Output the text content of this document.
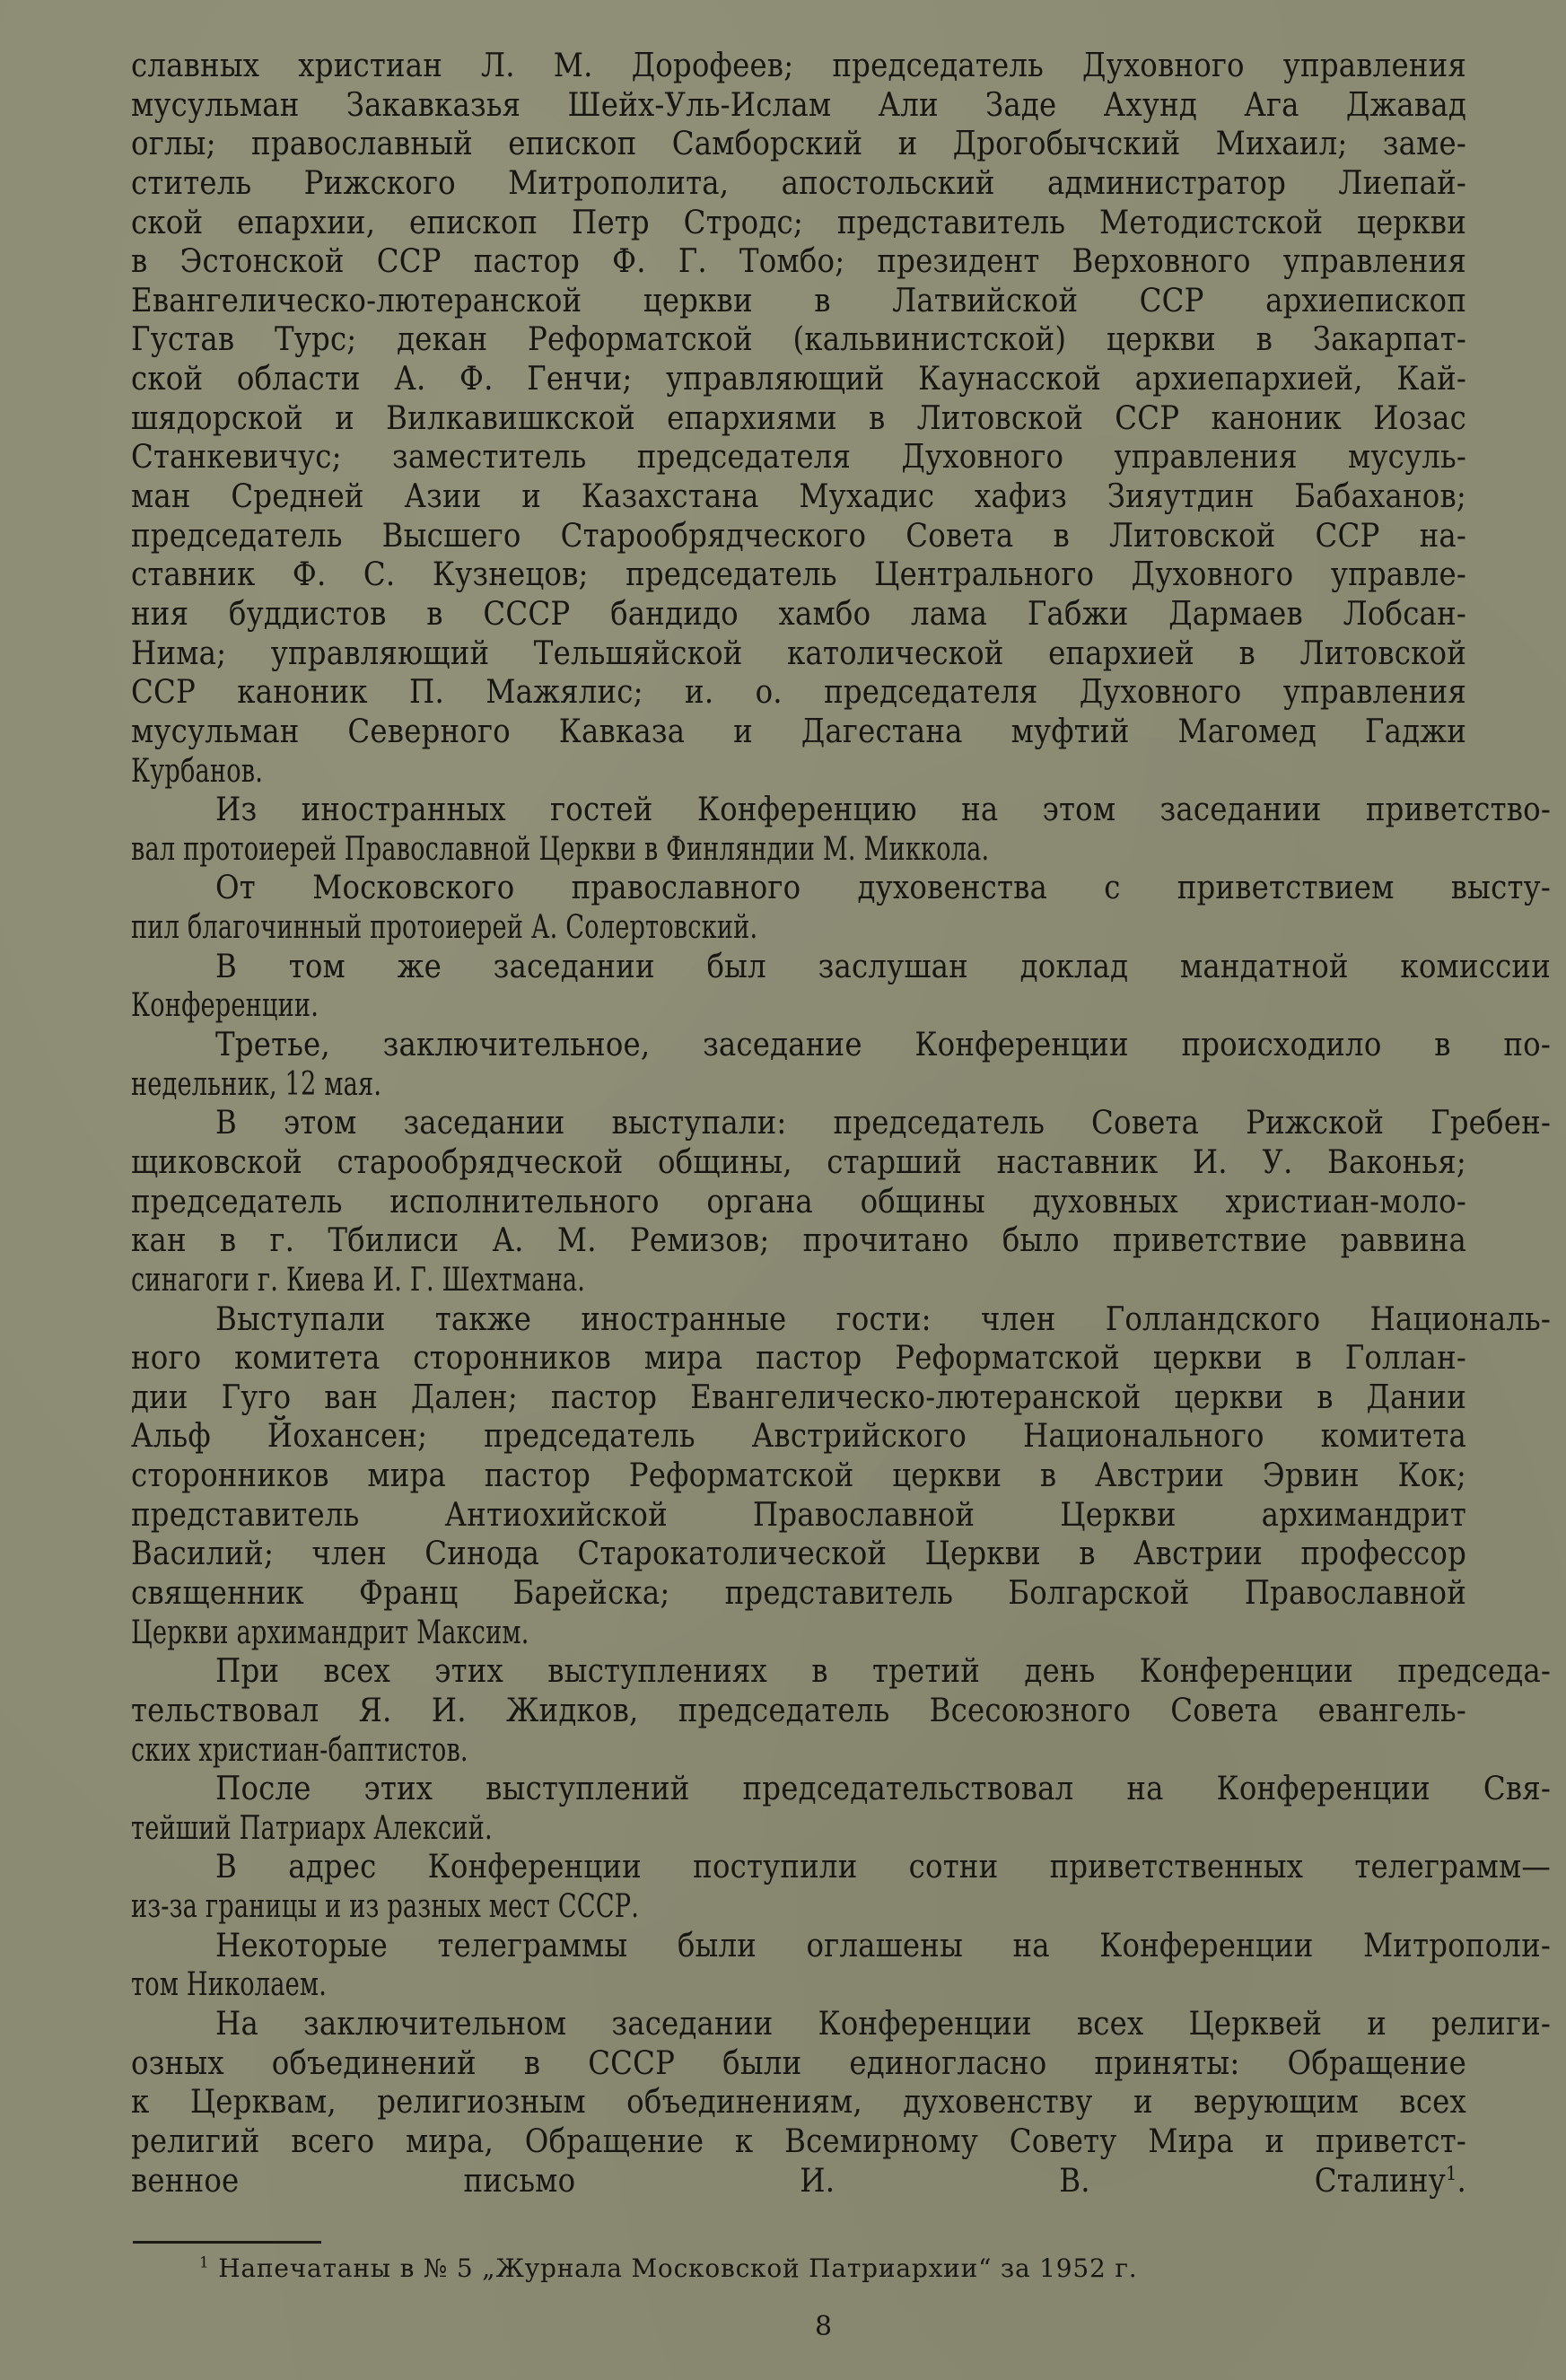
славных христиан Л. М. Дорофеев; председатель Духовного управления
мусульман Закавказья Шейх-Уль-Ислам Али Заде Ахунд Ага Джавад
оглы; православный епископ Самборский и Дрогобычский Михаил; заме-
ститель Рижского Митрополита, апостольский администратор Лиепай-
ской епархии, епископ Петр Стродс; представитель Методистской церкви
в Эстонской ССР пастор Ф. Г. Томбо; президент Верховного управления
Евангелическо-лютеранской церкви в Латвийской ССР архиепископ
Густав Турс; декан Реформатской (кальвинистской) церкви в Закарпат-
ской области А. Ф. Генчи; управляющий Каунасской архиепархией, Кай-
шядорской и Вилкавишкской епархиями в Литовской ССР каноник Иозас
Станкевичус; заместитель председателя Духовного управления мусуль-
ман Средней Азии и Казахстана Мухадис хафиз Зияутдин Бабаханов;
председатель Высшего Старообрядческого Совета в Литовской ССР на-
ставник Ф. С. Кузнецов; председатель Центрального Духовного управле-
ния буддистов в СССР бандидо хамбо лама Габжи Дармаев Лобсан-
Нима; управляющий Тельшяйской католической епархией в Литовской
ССР каноник П. Мажялис; и. о. председателя Духовного управления
мусульман Северного Кавказа и Дагестана муфтий Магомед Гаджи
Курбанов.
Из иностранных гостей Конференцию на этом заседании приветство-
вал протоиерей Православной Церкви в Финляндии М. Миккола.
От Московского православного духовенства с приветствием высту-
пил благочинный протоиерей А. Солертовский.
В том же заседании был заслушан доклад мандатной комиссии
Конференции.
Третье, заключительное, заседание Конференции происходило в по-
недельник, 12 мая.
В этом заседании выступали: председатель Совета Рижской Гребен-
щиковской старообрядческой общины, старший наставник И. У. Ваконья;
председатель исполнительного органа общины духовных христиан-моло-
кан в г. Тбилиси А. М. Ремизов; прочитано было приветствие раввина
синагоги г. Киева И. Г. Шехтмана.
Выступали также иностранные гости: член Голландского Националь-
ного комитета сторонников мира пастор Реформатской церкви в Голлан-
дии Гуго ван Дален; пастор Евангелическо-лютеранской церкви в Дании
Альф Йохансен; председатель Австрийского Национального комитета
сторонников мира пастор Реформатской церкви в Австрии Эрвин Кок;
представитель Антиохийской Православной Церкви архимандрит
Василий; член Синода Старокатолической Церкви в Австрии профессор
священник Франц Барейска; представитель Болгарской Православной
Церкви архимандрит Максим.
При всех этих выступлениях в третий день Конференции председа-
тельствовал Я. И. Жидков, председатель Всесоюзного Совета евангель-
ских христиан-баптистов.
После этих выступлений председательствовал на Конференции Свя-
тейший Патриарх Алексий.
В адрес Конференции поступили сотни приветственных телеграмм—
из-за границы и из разных мест СССР.
Некоторые телеграммы были оглашены на Конференции Митрополи-
том Николаем.
На заключительном заседании Конференции всех Церквей и религи-
озных объединений в СССР были единогласно приняты: Обращение
к Церквам, религиозным объединениям, духовенству и верующим всех
религий всего мира, Обращение к Всемирному Совету Мира и приветст-
венное письмо И. В. Сталину$^1$.
$^1$ Напечатаны в № 5 „Журнала Московской Патриархии“ за 1952 г.
8
